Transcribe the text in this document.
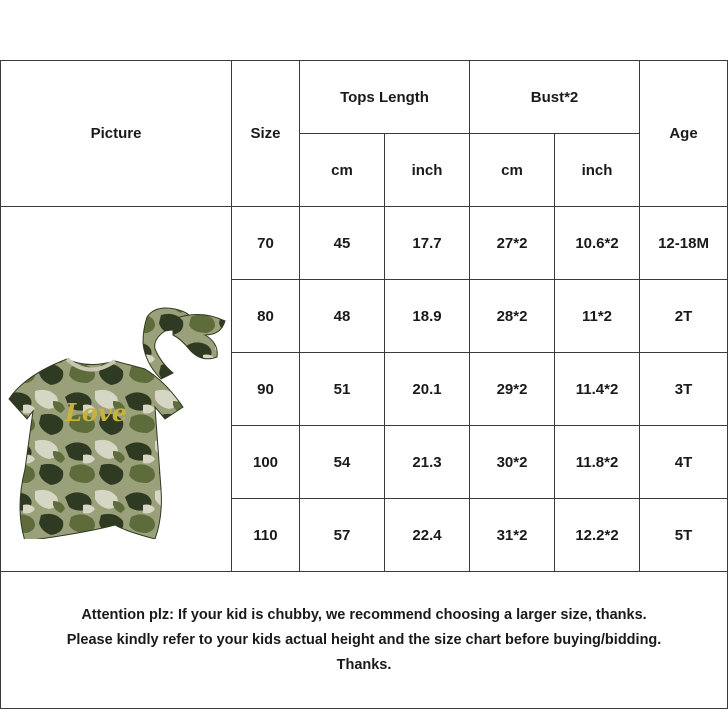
Picture	Size	Tops Length		Bust*2		Age
		cm	inch	cm	inch	

Love	70	45	17.7	27*2	10.6*2	12-18M
	80	48	18.9	28*2	11*2	2T
	90	51	20.1	29*2	11.4*2	3T
	100	54	21.3	30*2	11.8*2	4T
	110	57	22.4	31*2	12.2*2	5T

Attention plz: If your kid is chubby, we recommend choosing a larger size, thanks.
Please kindly refer to your kids actual height and the size chart before buying/bidding.
Thanks.						
